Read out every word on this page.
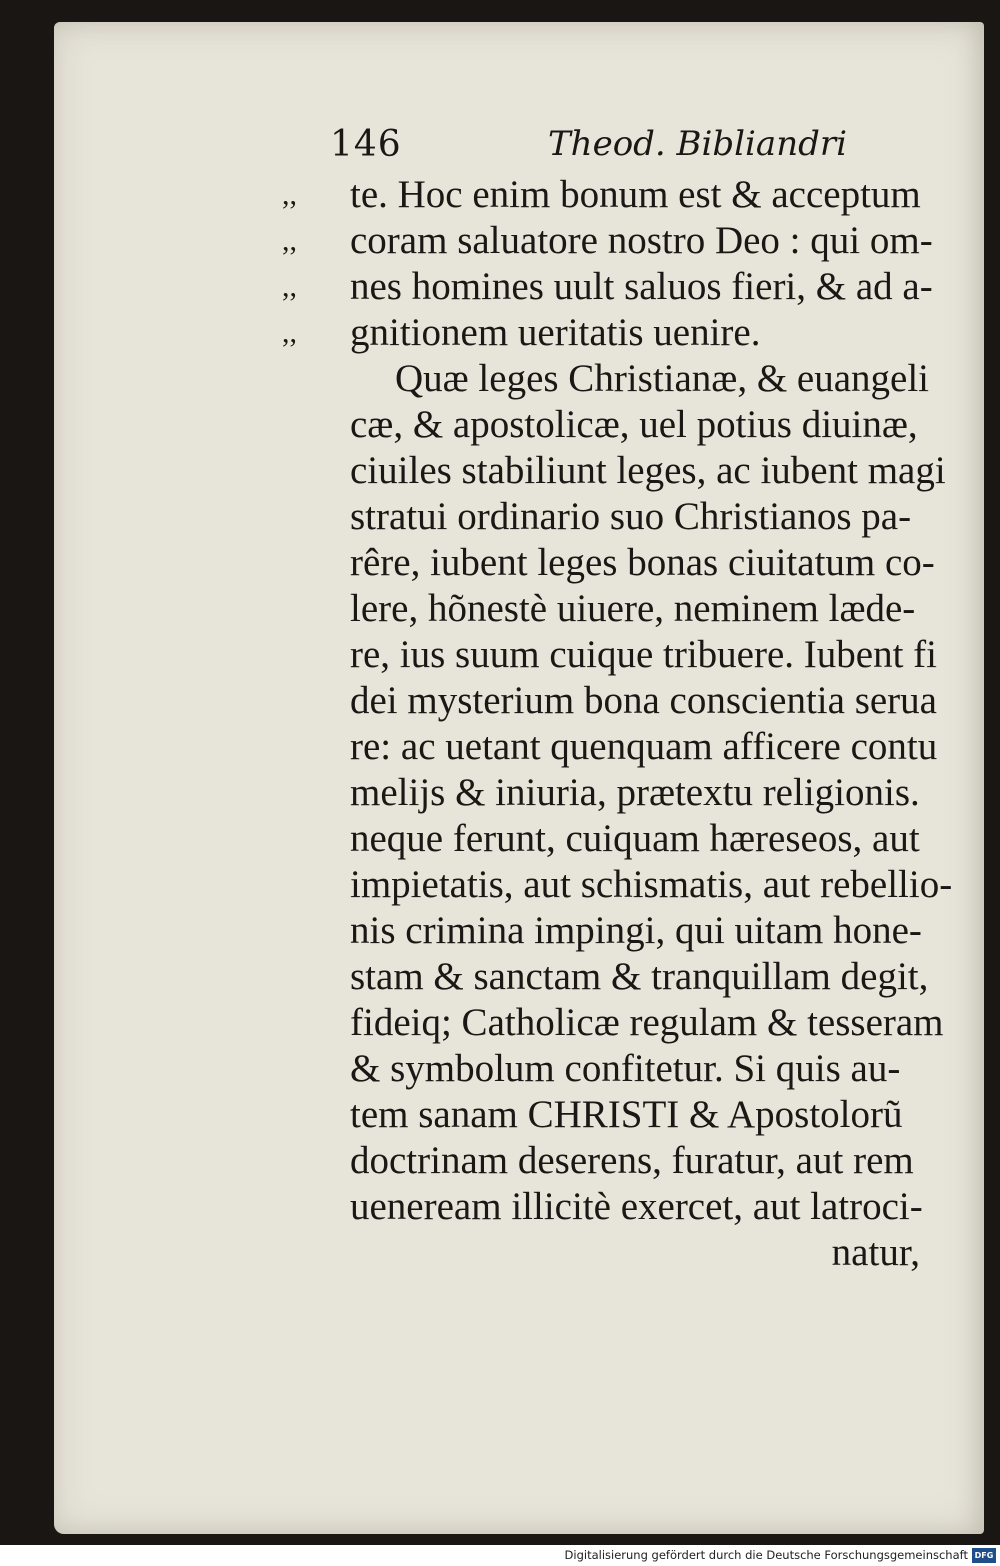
146	Theod. Bibliandri
,, te. Hoc enim bonum est & acceptum
,, coram saluatore nostro Deo : qui om-
,, nes homines uult saluos fieri, & ad a-
,, gnitionem ueritatis uenire.
Quæ leges Christianæ, & euangeli
cæ, & apostolicæ, uel potius diuinæ,
ciuiles stabiliunt leges, ac iubent magi
stratui ordinario suo Christianos pa-
rêre, iubent leges bonas ciuitatum co-
lere, hõnestè uiuere, neminem læde-
re, ius suum cuique tribuere. Iubent fi
dei mysterium bona conscientia serua
re: ac uetant quenquam afficere contu
melijs & iniuria, prætextu religionis.
neque ferunt, cuiquam hæreseos, aut
impietatis, aut schismatis, aut rebellio-
nis crimina impingi, qui uitam hone-
stam & sanctam & tranquillam degit,
fideiq; Catholicæ regulam & tesseram
& symbolum confitetur. Si quis au-
tem sanam CHRISTI & Apostolorũ
doctrinam deserens, furatur, aut rem
ueneream illicitè exercet, aut latroci-
natur,
Digitalisierung gefördert durch die Deutsche Forschungsgemeinschaft DFG
